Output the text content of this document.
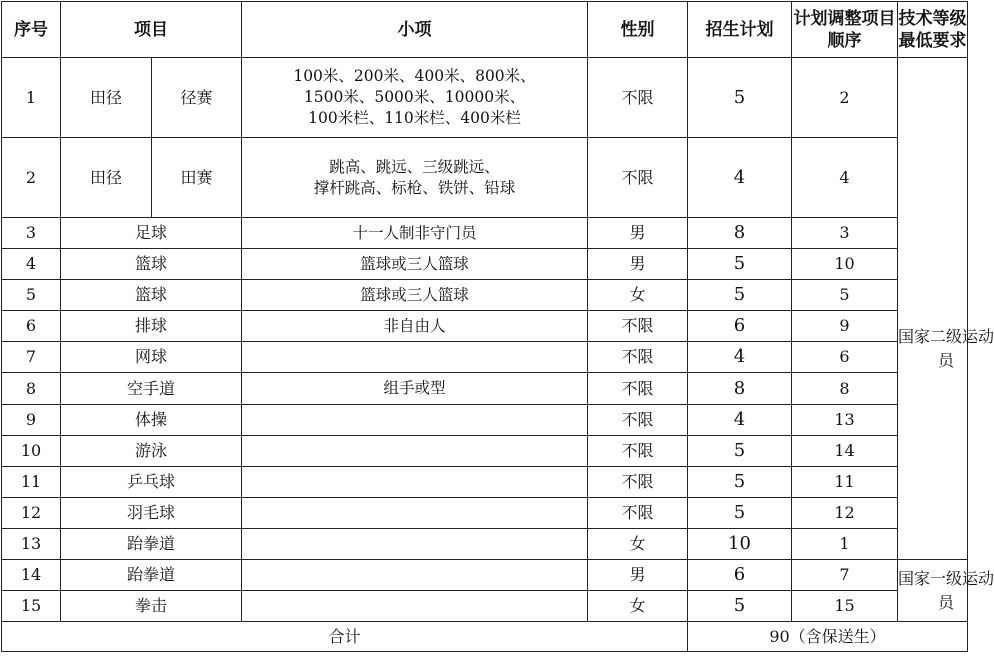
序号	项目		小项	性别	招生计划	计划调整项目顺序	技术等级最低要求
1	田径	径赛	100米、200米、400米、800米、
1500米、5000米、10000米、
100米栏、110米栏、400米栏	不限	5	2	国家二级运动员

2	田径	田赛	跳高、跳远、三级跳远、
撑杆跳高、标枪、铁饼、铅球	不限	4	4	
3	足球		十一人制非守门员	男	8	3	
4	篮球		篮球或三人篮球	男	5	10	
5	篮球		篮球或三人篮球	女	5	5	
6	排球		非自由人	不限	6	9	
7	网球			不限	4	6	
8	空手道		组手或型	不限	8	8	
9	体操			不限	4	13	
10	游泳			不限	5	14	
11	乒乓球			不限	5	11	
12	羽毛球			不限	5	12	
13	跆拳道			女	10	1	
14	跆拳道			男	6	7	国家一级运动员

15	拳击			女	5	15	
合计					90（含保送生）		
